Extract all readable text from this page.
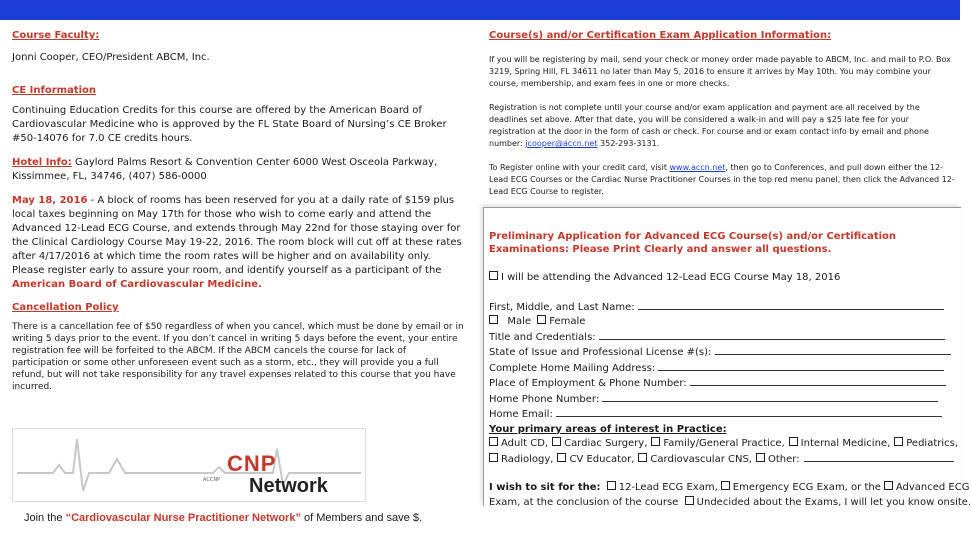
Course Faculty:

Jonni Cooper, CEO/President ABCM, Inc.

CE Information

Continuing Education Credits for this course are offered by the American Board of Cardiovascular Medicine who is approved by the FL State Board of Nursing’s CE Broker #50-14076 for 7.0 CE credits hours.

Hotel Info: Gaylord Palms Resort & Convention Center 6000 West Osceola Parkway, Kissimmee, FL, 34746, (407) 586-0000

May 18, 2016 - A block of rooms has been reserved for you at a daily rate of $159 plus local taxes beginning on May 17th for those who wish to come early and attend the Advanced 12-Lead ECG Course, and extends through May 22nd for those staying over for the Clinical Cardiology Course May 19-22, 2016. The room block will cut off at these rates after 4/17/2016 at which time the room rates will be higher and on availability only. Please register early to assure your room, and identify yourself as a participant of the American Board of Cardiovascular Medicine.

Cancellation Policy

There is a cancellation fee of $50 regardless of when you cancel, which must be done by email or in writing 5 days prior to the event. If you don’t cancel in writing 5 days before the event, your entire registration fee will be forfeited to the ABCM. If the ABCM cancels the course for lack of participation or some other unforeseen event such as a storm, etc., they will provide you a full refund, but will not take responsibility for any travel expenses related to this course that you have incurred.

CNP
Network
ACCNP
Join the “Cardiovascular Nurse Practitioner Network” of Members and save $.
Course(s) and/or Certification Exam Application Information:

If you will be registering by mail, send your check or money order made payable to ABCM, Inc. and mail to P.O. Box 3219, Spring Hill, FL 34611 no later than May 5, 2016 to ensure it arrives by May 10th. You may combine your course, membership, and exam fees in one or more checks.

Registration is not complete until your course and/or exam application and payment are all received by the deadlines set above. After that date, you will be considered a walk-in and will pay a $25 late fee for your registration at the door in the form of cash or check. For course and or exam contact info by email and phone number: jcooper@accn.net 352-293-3131.

To Register online with your credit card, visit www.accn.net, then go to Conferences, and pull down either the 12-Lead ECG Courses or the Cardiac Nurse Practitioner Courses in the top red menu panel, then click the Advanced 12-Lead ECG Course to register.

Preliminary Application for Advanced ECG Course(s) and/or Certification Examinations: Please Print Clearly and answer all questions.
I will be attending the Advanced 12-Lead ECG Course May 18, 2016
First, Middle, and Last Name:
Male Female
Title and Credentials:
State of Issue and Professional License #(s):
Complete Home Mailing Address:
Place of Employment & Phone Number:
Home Phone Number:
Home Email:
Your primary areas of interest in Practice:
Adult CD, Cardiac Surgery, Family/General Practice, Internal Medicine, Pediatrics,
Radiology, CV Educator, Cardiovascular CNS, Other:
I wish to sit for the: 12-Lead ECG Exam, Emergency ECG Exam, or the Advanced ECG
Exam, at the conclusion of the course Undecided about the Exams, I will let you know onsite.
